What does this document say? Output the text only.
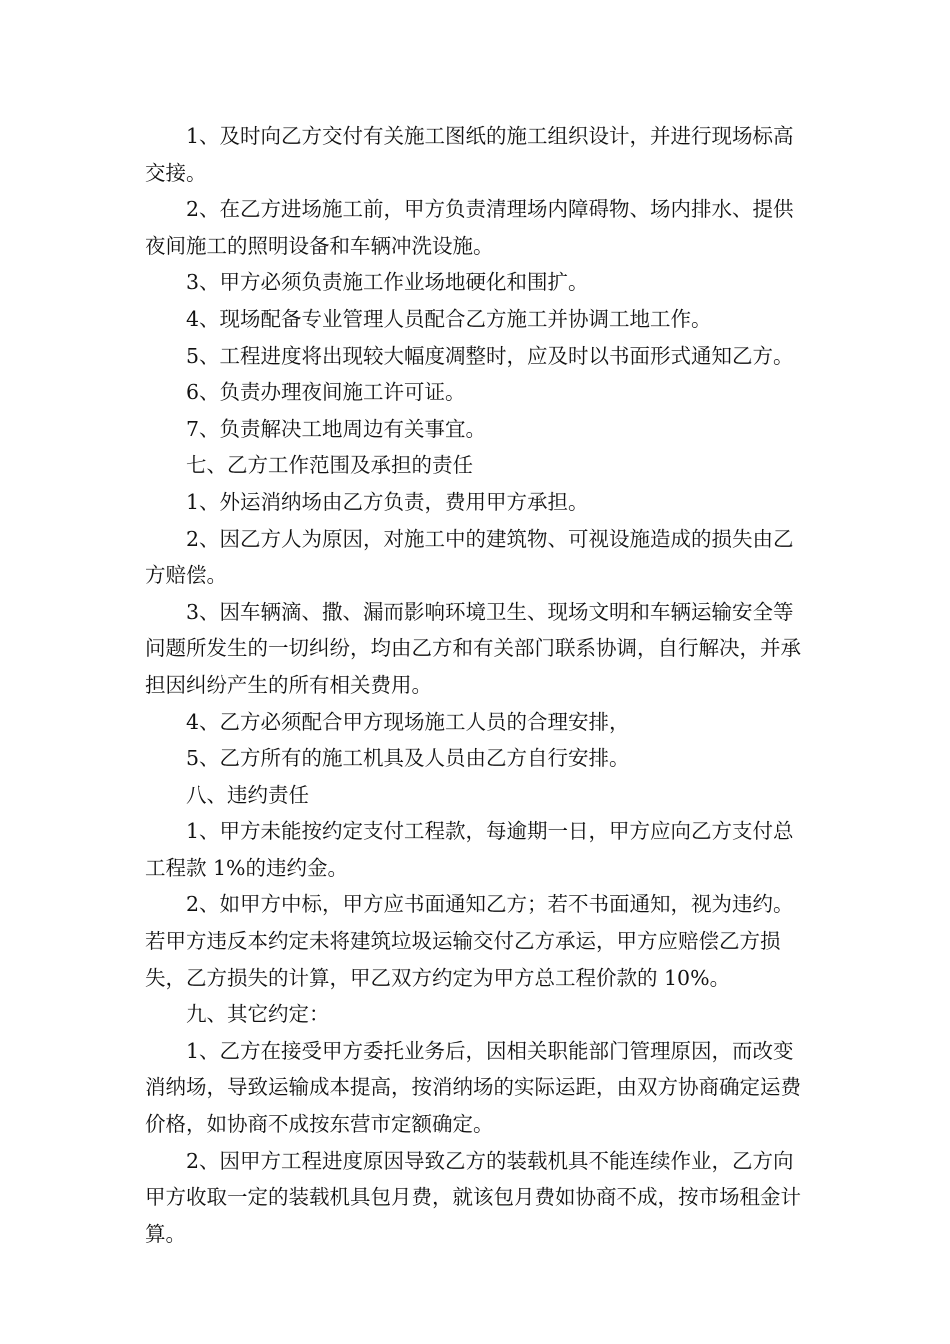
1、及时向乙方交付有关施工图纸的施工组织设计，并进行现场标高交接。

2、在乙方进场施工前，甲方负责清理场内障碍物、场内排水、提供夜间施工的照明设备和车辆冲洗设施。

3、甲方必须负责施工作业场地硬化和围扩。

4、现场配备专业管理人员配合乙方施工并协调工地工作。

5、工程进度将出现较大幅度凋整时，应及时以书面形式通知乙方。

6、负责办理夜间施工许可证。

7、负责解决工地周边有关事宜。

七、乙方工作范围及承担的责任

1、外运消纳场由乙方负责，费用甲方承担。

2、因乙方人为原因，对施工中的建筑物、可视设施造成的损失由乙方赔偿。

3、因车辆滴、撒、漏而影响环境卫生、现场文明和车辆运输安全等问题所发生的一切纠纷，均由乙方和有关部门联系协调，自行解决，并承担因纠纷产生的所有相关费用。

4、乙方必须配合甲方现场施工人员的合理安排，

5、乙方所有的施工机具及人员由乙方自行安排。

八、违约责任

1、甲方未能按约定支付工程款，每逾期一日，甲方应向乙方支付总工程款 1%的违约金。

2、如甲方中标，甲方应书面通知乙方；若不书面通知，视为违约。若甲方违反本约定未将建筑垃圾运输交付乙方承运，甲方应赔偿乙方损失，乙方损失的计算，甲乙双方约定为甲方总工程价款的 10%。

九、其它约定：

1、乙方在接受甲方委托业务后，因相关职能部门管理原因，而改变消纳场，导致运输成本提高，按消纳场的实际运距，由双方协商确定运费价格，如协商不成按东营市定额确定。

2、因甲方工程进度原因导致乙方的装载机具不能连续作业，乙方向甲方收取一定的装载机具包月费，就该包月费如协商不成，按市场租金计算。
